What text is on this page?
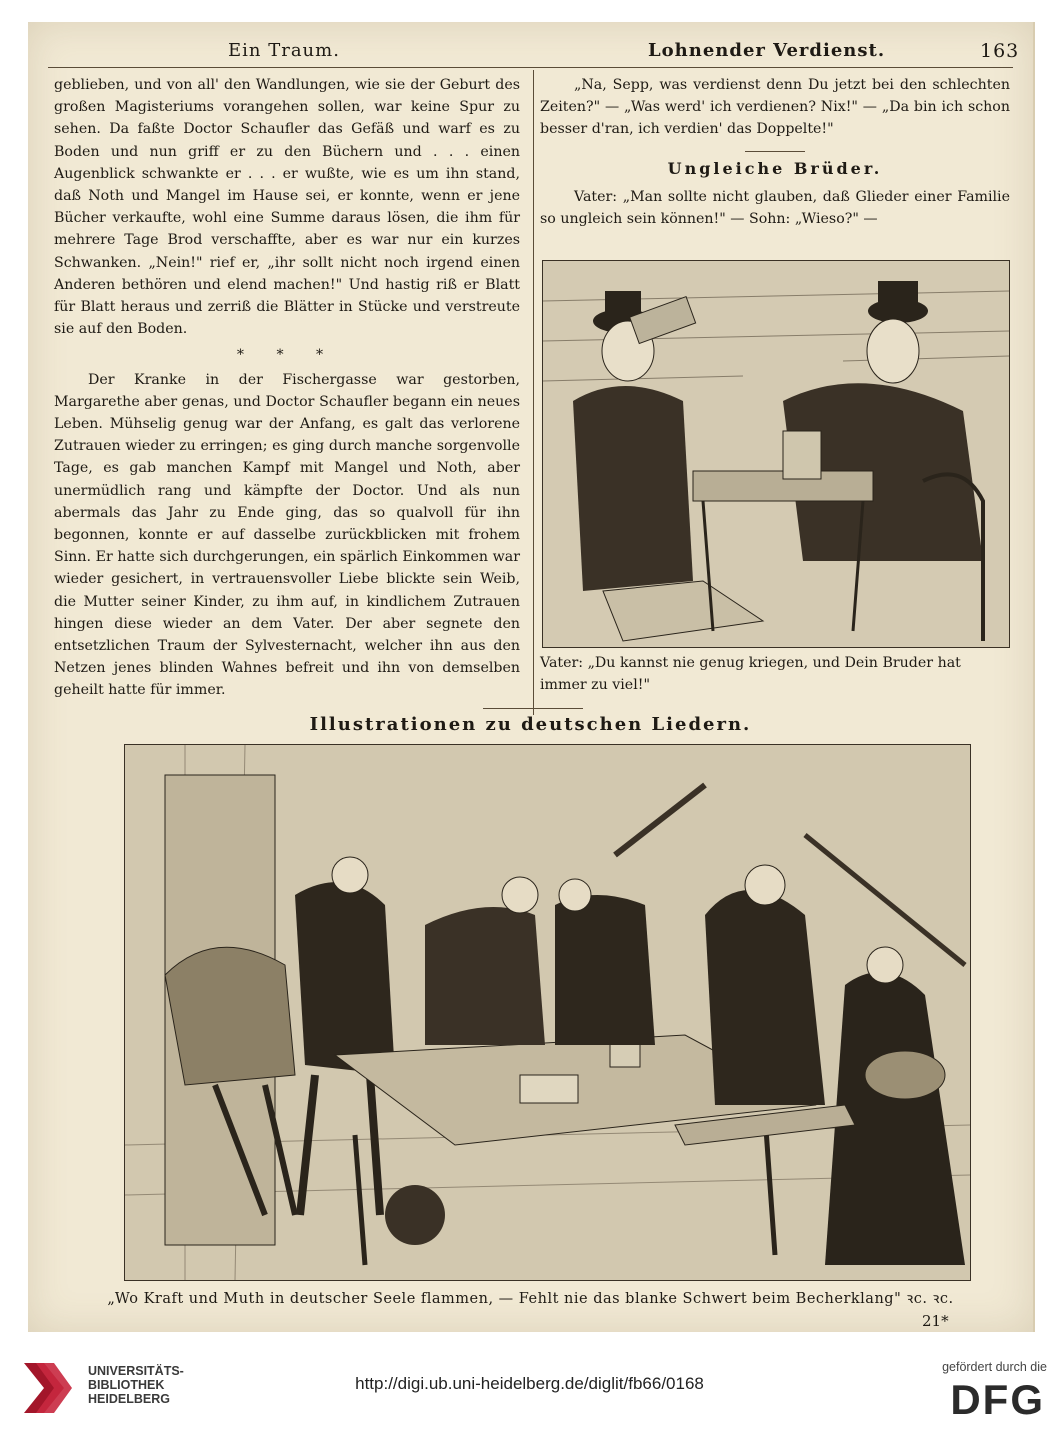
Ein Traum.	Lohnender Verdienst.	163

geblieben, und von all' den Wandlungen, wie sie der Geburt des großen Magisteriums vorangehen sollen, war keine Spur zu sehen. Da faßte Doctor Schaufler das Gefäß und warf es zu Boden und nun griff er zu den Büchern und . . . einen Augenblick schwankte er . . . er wußte, wie es um ihn stand, daß Noth und Mangel im Hause sei, er konnte, wenn er jene Bücher verkaufte, wohl eine Summe daraus lösen, die ihm für mehrere Tage Brod verschaffte, aber es war nur ein kurzes Schwanken. „Nein!" rief er, „ihr sollt nicht noch irgend einen Anderen bethören und elend machen!" Und hastig riß er Blatt für Blatt heraus und zerriß die Blätter in Stücke und verstreute sie auf den Boden.

* * *

Der Kranke in der Fischergasse war gestorben, Margarethe aber genas, und Doctor Schaufler begann ein neues Leben. Mühselig genug war der Anfang, es galt das verlorene Zutrauen wieder zu erringen; es ging durch manche sorgenvolle Tage, es gab manchen Kampf mit Mangel und Noth, aber unermüdlich rang und kämpfte der Doctor. Und als nun abermals das Jahr zu Ende ging, das so qualvoll für ihn begonnen, konnte er auf dasselbe zurückblicken mit frohem Sinn. Er hatte sich durchgerungen, ein spärlich Einkommen war wieder gesichert, in vertrauensvoller Liebe blickte sein Weib, die Mutter seiner Kinder, zu ihm auf, in kindlichem Zutrauen hingen diese wieder an dem Vater. Der aber segnete den entsetzlichen Traum der Sylvesternacht, welcher ihn aus den Netzen jenes blinden Wahnes befreit und ihn von demselben geheilt hatte für immer.

„Na, Sepp, was verdienst denn Du jetzt bei den schlechten Zeiten?" — „Was werd' ich verdienen? Nix!" — „Da bin ich schon besser d'ran, ich verdien' das Doppelte!"

Ungleiche Brüder.

Vater: „Man sollte nicht glauben, daß Glieder einer Familie so ungleich sein können!" — Sohn: „Wieso?" —

Vater: „Du kannst nie genug kriegen, und Dein Bruder hat immer zu viel!"
Illustrationen zu deutschen Liedern.
„Wo Kraft und Muth in deutscher Seele flammen, — Fehlt nie das blanke Schwert beim Becherklang" ꝛc. ꝛc.
21*
UNIVERSITÄTS-
BIBLIOTHEK
HEIDELBERG
http://digi.ub.uni-heidelberg.de/diglit/fb66/0168
gefördert durch die
DFG
